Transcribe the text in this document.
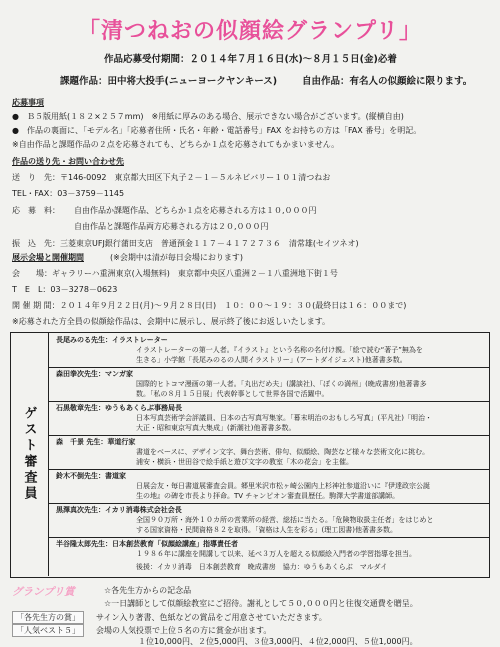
「清つねおの似顔絵グランプリ」
作品応募受付期間：２０１４年７月１６日(水)～８月１５日(金)必着
課題作品：田中将大投手(ニューヨークヤンキース)	自由作品：有名人の似顔絵に限ります。
応募事項
●　Ｂ５版用紙(１８２×２５７mm)　※用紙に厚みのある場合、展示できない場合がございます。(縦横自由)
●　作品の裏面に、「モデル名」「応募者住所・氏名・年齢・電話番号」FAX をお持ちの方は「FAX 番号」を明記。
※自由作品と課題作品の２点を応募されても、どちらか１点を応募されてもかまいません。
作品の送り先・お問い合わせ先
送　り　先：〒146-0092　東京都大田区下丸子２－１－５ルネビバリー１０１清つねお
TEL・FAX：03－3759－1145
応　募　料： 自由作品か課題作品、どちらか１点を応募される方は１０,０００円
自由作品と課題作品両方応募される方は２０,０００円
振　込　先：三菱東京UFJ銀行蒲田支店　普通預金１１７－４１７２７３６　清常雄(セイツネオ)
展示会場と開催期間	(※会期中は清が毎日会場におります)
会　　場：ギャラリーハ重洲東京(入場無料)　東京都中央区八重洲２－１八重洲地下街１号
T　E　L：03－3278－0623
開 催 期 間：２０１４年９月２２日(月)～９月２８日(日)　１０：００～１９：３０(最終日は１６：００まで)
※応募された方全員の似顔絵作品は、会期中に展示し、展示終了後にお返しいたします。
ゲスト審査員
長尾みのる先生：イラストレーター
イラストレーターの第一人者。『イラスト』という名称の名付け親。「絵で読む“著子”無為を
生きる」小学館「長尾みのるの人間イラストリー」(アートダイジェスト)他著書多数。
森田拳次先生：マンガ家
国際的ヒトコマ漫画の第一人者。「丸出だめ夫」(講談社)、「ぼくの満州」(晩成書房)他著書多
数。「私の８月１５日展」代表幹事として世界各国で活躍中。
石黒敬章先生：ゆうもあくらぶ事務局長
日本写真芸術学会評議員、日本の古写真写集家。「幕末明治のおもしろ写真」(平凡社)「明治・
大正・昭和東京写真大集成」(新潮社)他著書多数。
森　千景 先生：華道行家
書道をベースに、デザイン文字、舞台芸術、俳句、似顔絵、陶芸など様々な芸術文化に挑む。
浦安・横浜・世田谷で絵手紙と遊び文字の教室「木の花会」を主催。
鈴木不倒先生：書道家
日展会友・毎日書道展審査会員。郷里米沢市松ヶ崎公園内上杉神社参道沿いに『伊達政宗公誕
生の地』の碑を市長より拝命。TV チャンピオン審査員歴任。駒澤大学書道部講師。
黒澤真次先生：イカリ消毒株式会社会長
全国９０万所・海外１０カ所の営業所の経営、総括に当たる。「危険物取扱主任者」をはじめと
する国家資格・民間資格８２を取得。「資格は人生を彩る」(理工図書)他著書多数。
半谷隆太郎先生：日本創芸教育「似顔絵講座」指導責任者
１９８６年に講座を開講して以来、延べ３万人を超える似顔絵入門者の学習指導を担当。
後援：イカリ消毒　日本創芸教育　晩成書房　協力：ゆうもあくらぶ　マルダイ
グランプリ賞	☆各先生方からの記念品
☆一日講師として似顔絵教室にご招待。謝礼として５０,０００円と往復交通費を贈呈。
「各先生方の賞」	サイン入り著書、色紙などの賞品をご用意させていただきます。
「人気ベスト５」	会場の人気投票で上位５名の方に賞金が出ます。
１位10,000円、２位5,000円、３位3,000円、４位2,000円、５位1,000円。
